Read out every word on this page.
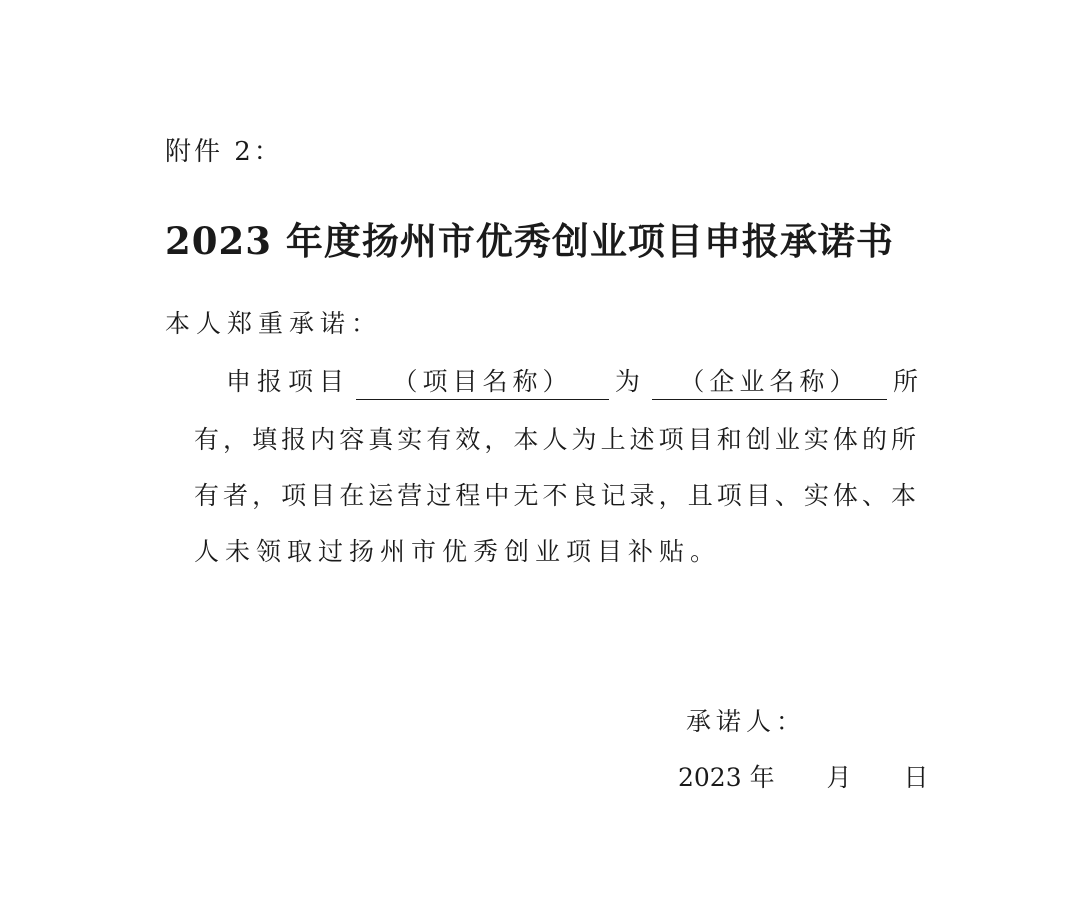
附件 2：
2023 年度扬州市优秀创业项目申报承诺书
本人郑重承诺：
申报项目	（项目名称）	为	（企业名称）	所
有，填报内容真实有效，本人为上述项目和创业实体的所
有者，项目在运营过程中无不良记录，且项目、实体、本
人未领取过扬州市优秀创业项目补贴。
承诺人：
2023 年 月 日
